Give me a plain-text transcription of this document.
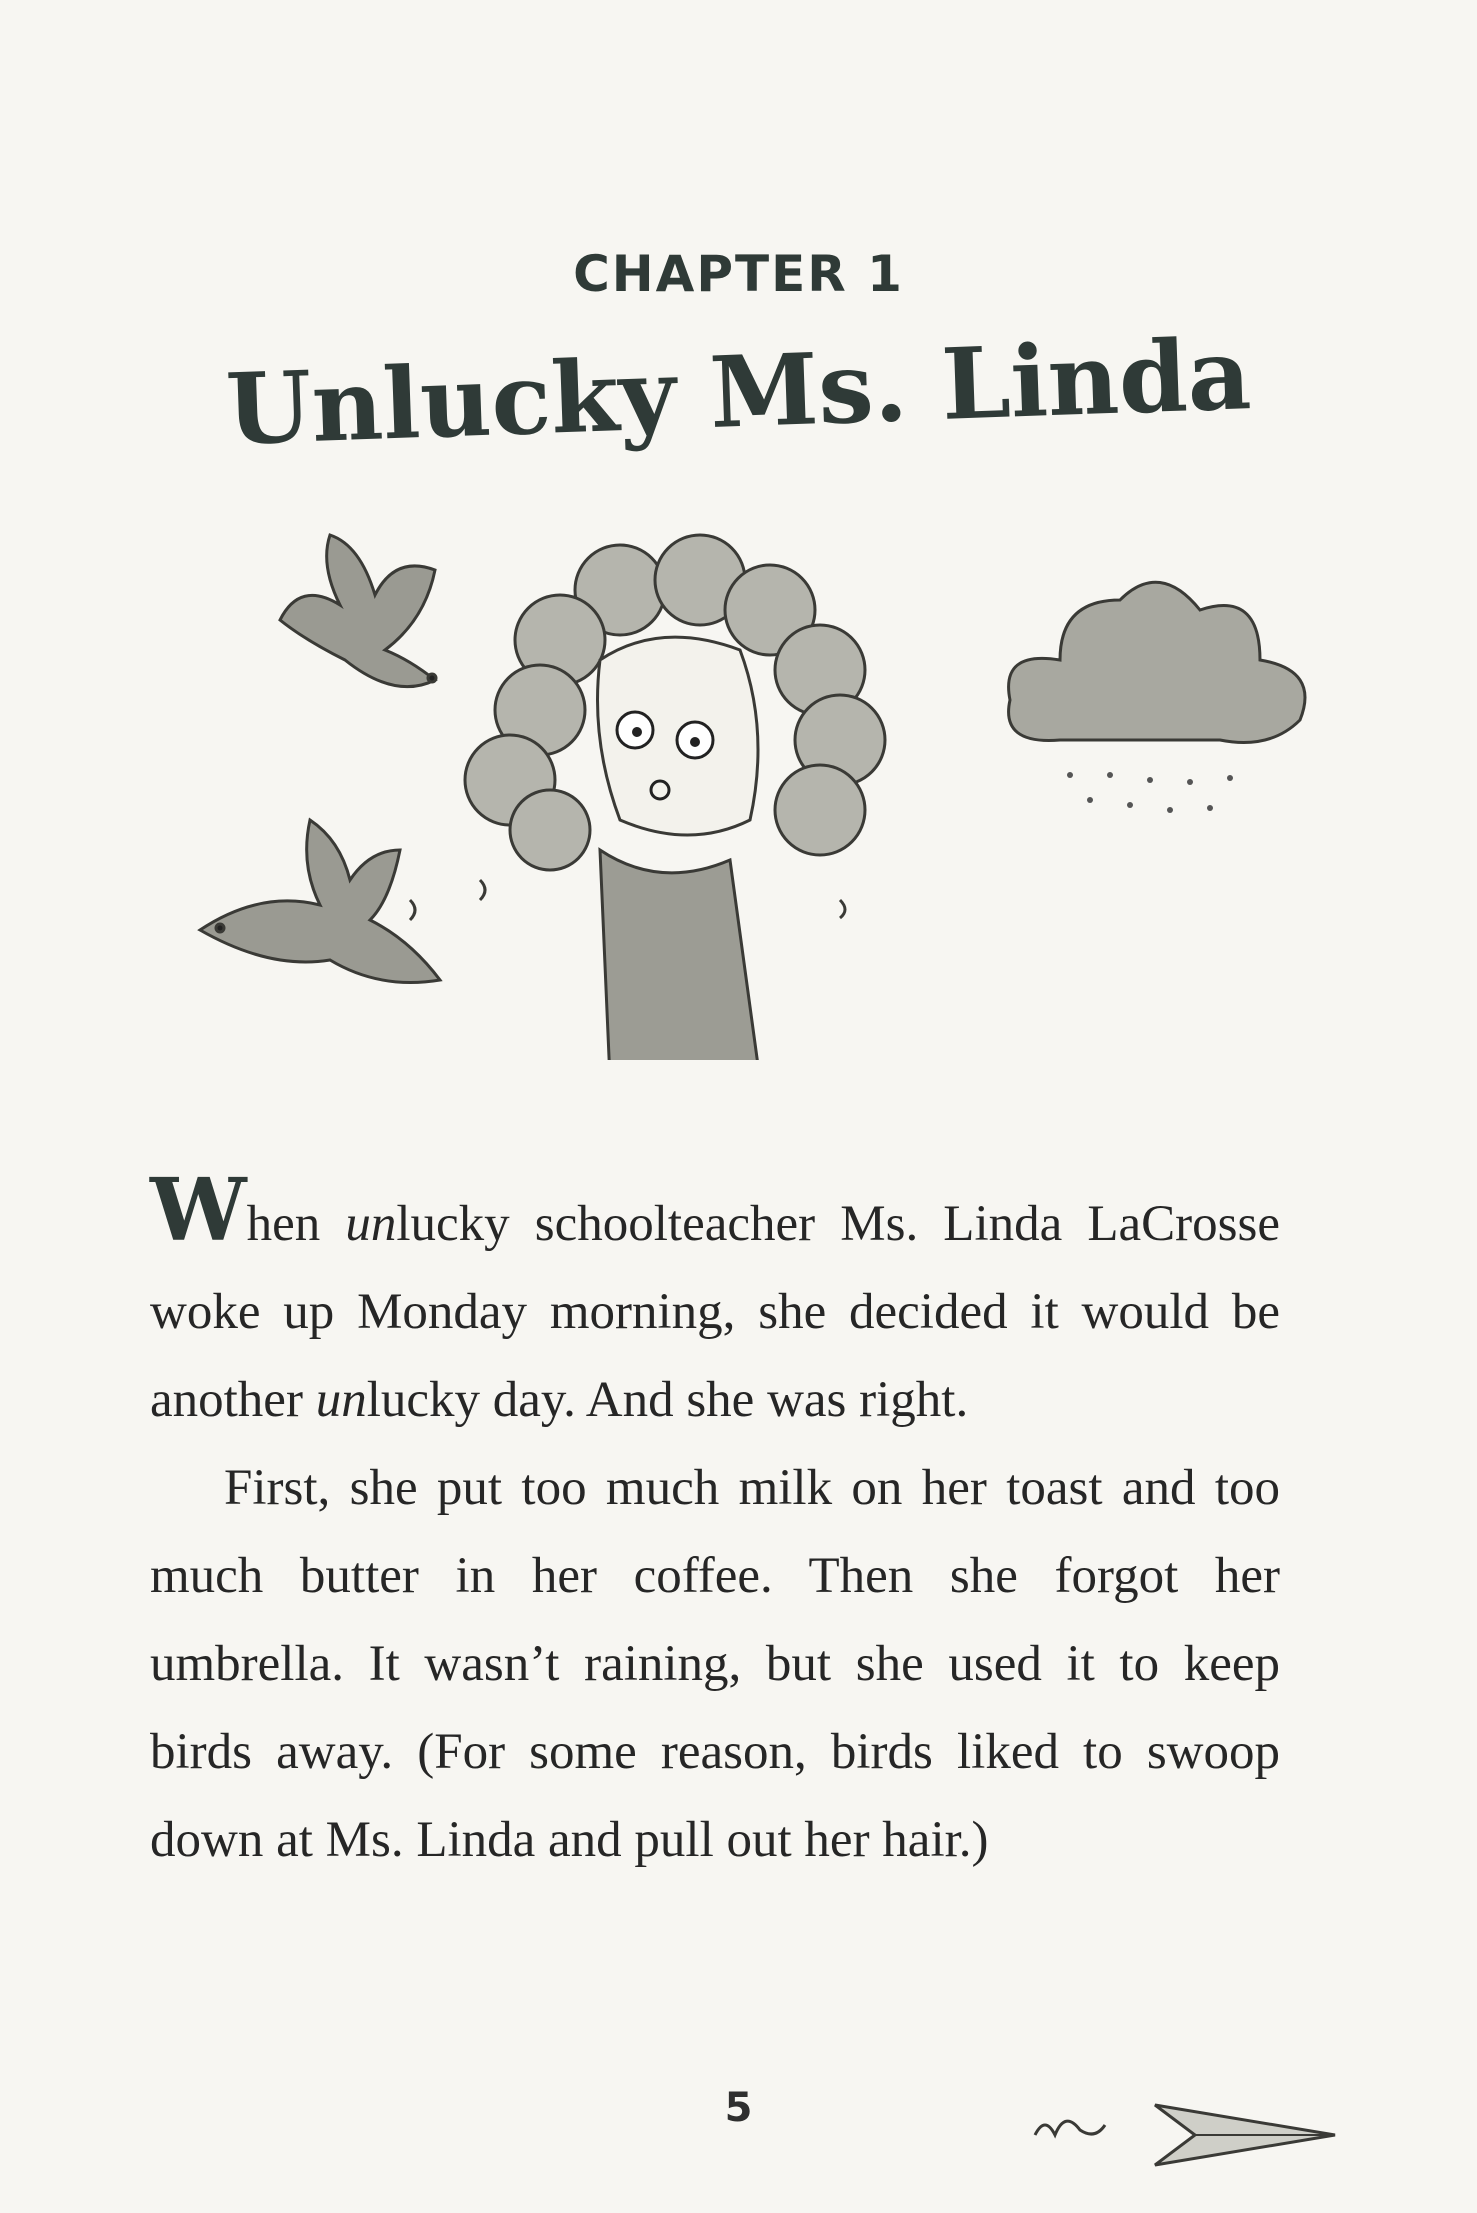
CHAPTER 1
Unlucky Ms. Linda

When unlucky schoolteacher Ms. Linda LaCrosse woke up Monday morning, she decided it would be another unlucky day. And she was right.

First, she put too much milk on her toast and too much butter in her coffee. Then she forgot her umbrella. It wasn’t raining, but she used it to keep birds away. (For some reason, birds liked to swoop down at Ms. Linda and pull out her hair.)

5
